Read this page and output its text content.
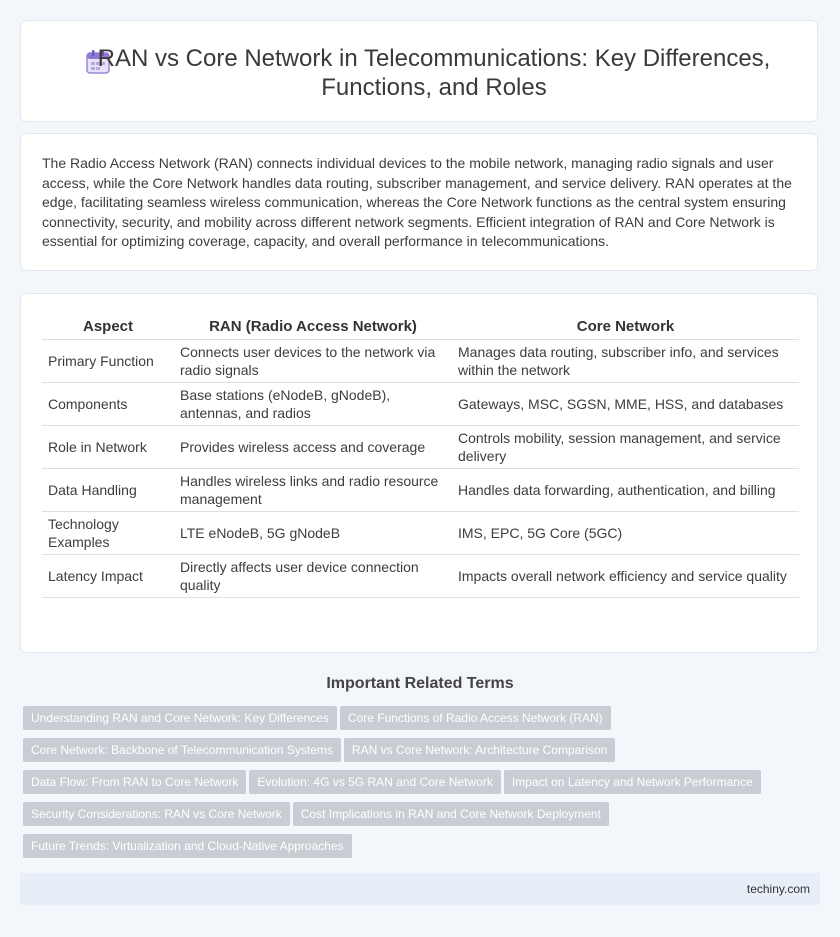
RAN vs Core Network in Telecommunications: Key Differences, Functions, and Roles

The Radio Access Network (RAN) connects individual devices to the mobile network, managing radio signals and user access, while the Core Network handles data routing, subscriber management, and service delivery. RAN operates at the edge, facilitating seamless wireless communication, whereas the Core Network functions as the central system ensuring connectivity, security, and mobility across different network segments. Efficient integration of RAN and Core Network is essential for optimizing coverage, capacity, and overall performance in telecommunications.

Aspect	RAN (Radio Access Network)	Core Network
Primary Function	Connects user devices to the network via radio signals	Manages data routing, subscriber info, and services within the network
Components	Base stations (eNodeB, gNodeB), antennas, and radios	Gateways, MSC, SGSN, MME, HSS, and databases
Role in Network	Provides wireless access and coverage	Controls mobility, session management, and service delivery
Data Handling	Handles wireless links and radio resource management	Handles data forwarding, authentication, and billing
Technology Examples	LTE eNodeB, 5G gNodeB	IMS, EPC, 5G Core (5GC)
Latency Impact	Directly affects user device connection quality	Impacts overall network efficiency and service quality
Important Related Terms
Understanding RAN and Core Network: Key Differences Core Functions of Radio Access Network (RAN)
Core Network: Backbone of Telecommunication Systems RAN vs Core Network: Architecture Comparison
Data Flow: From RAN to Core Network Evolution: 4G vs 5G RAN and Core Network Impact on Latency and Network Performance
Security Considerations: RAN vs Core Network Cost Implications in RAN and Core Network Deployment
Future Trends: Virtualization and Cloud-Native Approaches
techiny.com
